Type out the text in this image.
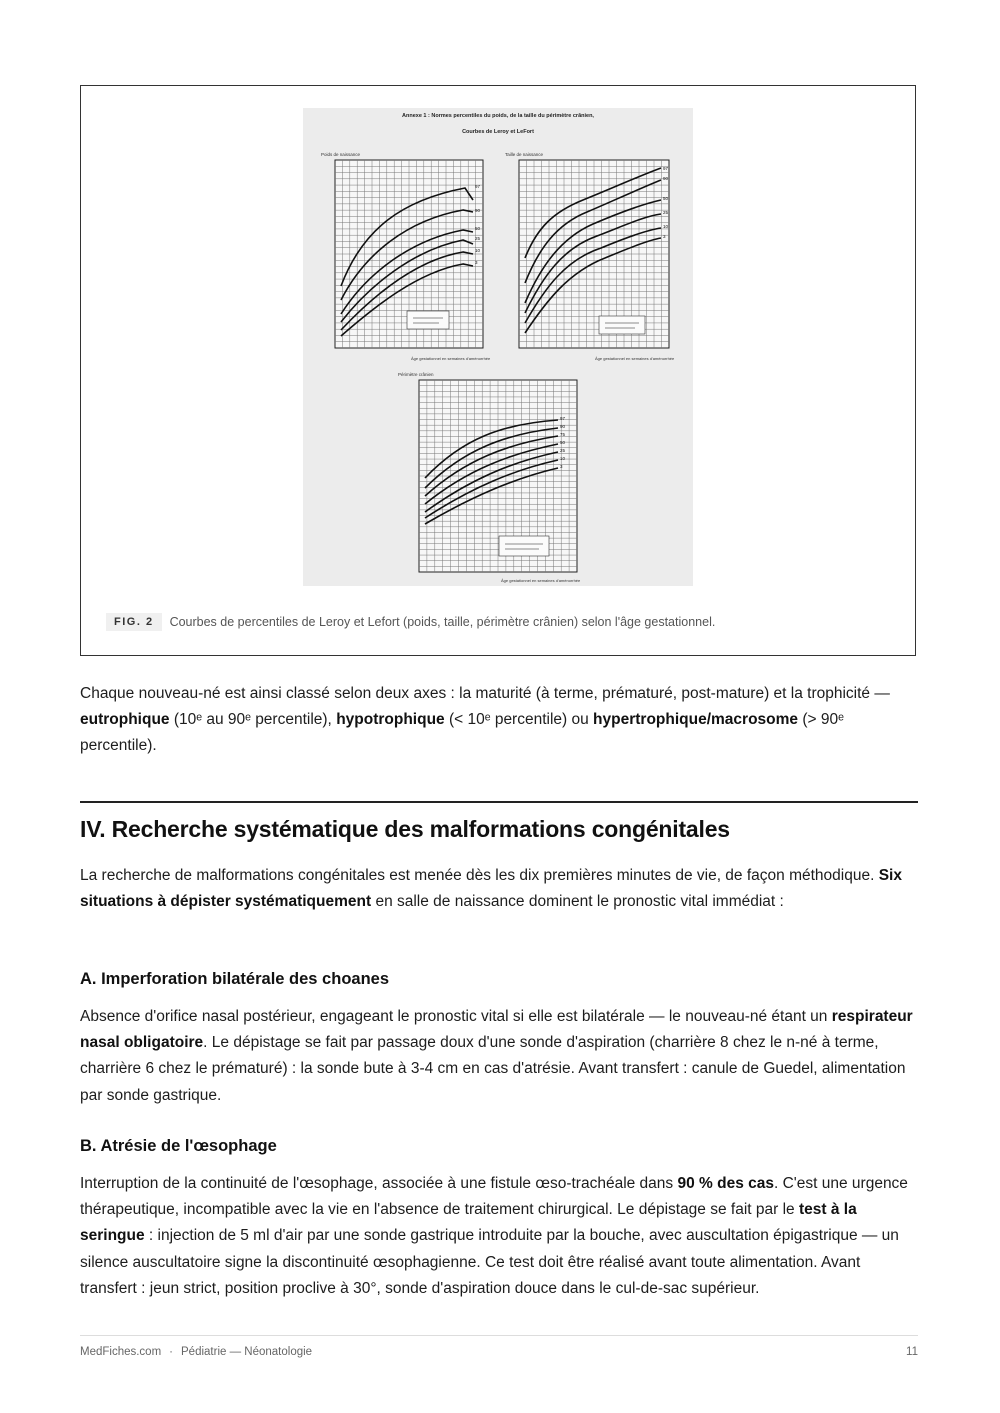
Annexe 1 : Normes percentiles du poids, de la taille du périmètre crânien,
Courbes de Leroy et LeFort
Poids de naissance	Taille de naissance
Périmètre crânien
97
90
50
25
10
3
97
90
50
25
10
3
97
90
75
50
25
10
3
Âge gestationnel en semaines d'aménorrhée	Âge gestationnel en semaines d'aménorrhée
Âge gestationnel en semaines d'aménorrhée
FIG. 2	Courbes de percentiles de Leroy et Lefort (poids, taille, périmètre crânien) selon l'âge gestationnel.

Chaque nouveau-né est ainsi classé selon deux axes : la maturité (à terme, prématuré, post-mature) et la trophicité — eutrophique (10ᵉ au 90ᵉ percentile), hypotrophique (< 10ᵉ percentile) ou hypertrophique/macrosome (> 90ᵉ percentile).

IV. Recherche systématique des malformations congénitales

La recherche de malformations congénitales est menée dès les dix premières minutes de vie, de façon méthodique. Six situations à dépister systématiquement en salle de naissance dominent le pronostic vital immédiat :

A. Imperforation bilatérale des choanes

Absence d'orifice nasal postérieur, engageant le pronostic vital si elle est bilatérale — le nouveau-né étant un respirateur nasal obligatoire. Le dépistage se fait par passage doux d'une sonde d'aspiration (charrière 8 chez le n-né à terme, charrière 6 chez le prématuré) : la sonde bute à 3-4 cm en cas d'atrésie. Avant transfert : canule de Guedel, alimentation par sonde gastrique.

B. Atrésie de l'œsophage

Interruption de la continuité de l'œsophage, associée à une fistule œso-trachéale dans 90 % des cas. C'est une urgence thérapeutique, incompatible avec la vie en l'absence de traitement chirurgical. Le dépistage se fait par le test à la seringue : injection de 5 ml d'air par une sonde gastrique introduite par la bouche, avec auscultation épigastrique — un silence auscultatoire signe la discontinuité œsophagienne. Ce test doit être réalisé avant toute alimentation. Avant transfert : jeun strict, position proclive à 30°, sonde d'aspiration douce dans le cul-de-sac supérieur.

MedFiches.com · Pédiatrie — Néonatologie	11
